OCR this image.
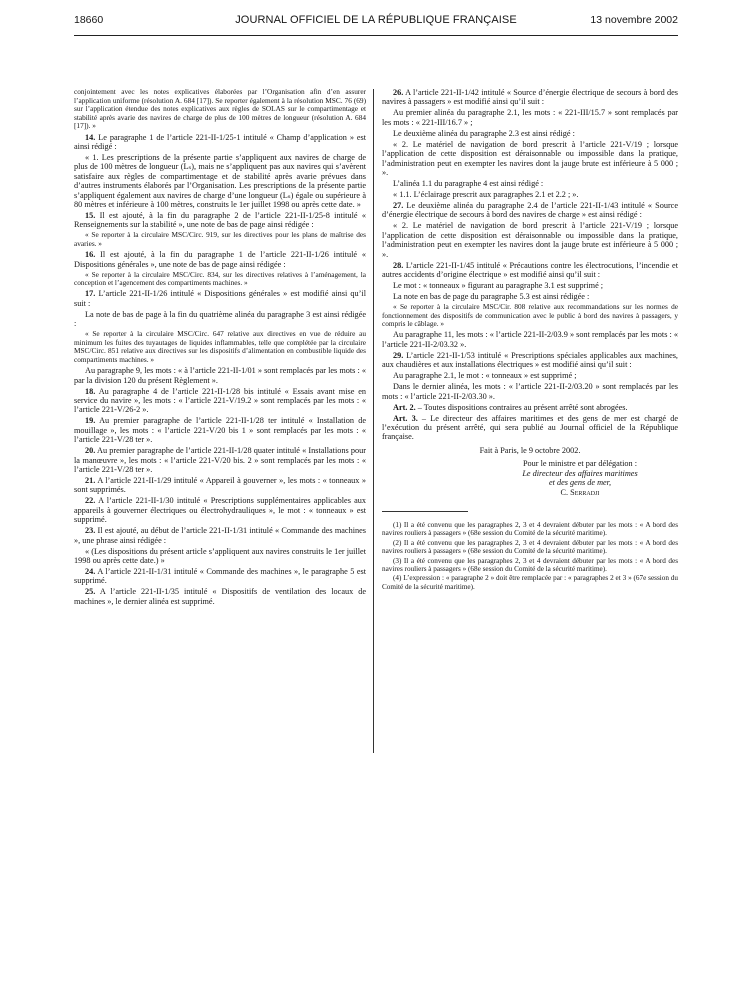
18660	JOURNAL OFFICIEL DE LA RÉPUBLIQUE FRANÇAISE	13 novembre 2002

conjointement avec les notes explicatives élaborées par l’Organisation afin d’en assurer l’application uniforme (résolution A. 684 [17]). Se reporter également à la résolution MSC. 76 (69) sur l’application étendue des notes explicatives aux règles de SOLAS sur le compartimentage et stabilité après avarie des navires de charge de plus de 100 mètres de longueur (résolution A. 684 [17]). »

14. Le paragraphe 1 de l’article 221-II-1/25-1 intitulé « Champ d’application » est ainsi rédigé :

« 1. Les prescriptions de la présente partie s’appliquent aux navires de charge de plus de 100 mètres de longueur (Lₛ), mais ne s’appliquent pas aux navires qui s’avèrent satisfaire aux règles de compartimentage et de stabilité après avarie prévues dans d’autres instruments élaborés par l’Organisation. Les prescriptions de la présente partie s’appliquent également aux navires de charge d’une longueur (Lₛ) égale ou supérieure à 80 mètres et inférieure à 100 mètres, construits le 1er juillet 1998 ou après cette date. »

15. Il est ajouté, à la fin du paragraphe 2 de l’article 221-II-1/25-8 intitulé « Renseignements sur la stabilité », une note de bas de page ainsi rédigée :

« Se reporter à la circulaire MSC/Circ. 919, sur les directives pour les plans de maîtrise des avaries. »

16. Il est ajouté, à la fin du paragraphe 1 de l’article 221-II-1/26 intitulé « Dispositions générales », une note de bas de page ainsi rédigée :

« Se reporter à la circulaire MSC/Circ. 834, sur les directives relatives à l’aménagement, la conception et l’agencement des compartiments machines. »

17. L’article 221-II-1/26 intitulé « Dispositions générales » est modifié ainsi qu’il suit :

La note de bas de page à la fin du quatrième alinéa du paragraphe 3 est ainsi rédigée :

« Se reporter à la circulaire MSC/Circ. 647 relative aux directives en vue de réduire au minimum les fuites des tuyautages de liquides inflammables, telle que complétée par la circulaire MSC/Circ. 851 relative aux directives sur les dispositifs d’alimentation en combustible liquide des compartiments machines. »

Au paragraphe 9, les mots : « à l’article 221-II-1/01 » sont remplacés par les mots : « par la division 120 du présent Règlement ».

18. Au paragraphe 4 de l’article 221-II-1/28 bis intitulé « Essais avant mise en service du navire », les mots : « l’article 221-V/19.2 » sont remplacés par les mots : « l’article 221-V/26-2 ».

19. Au premier paragraphe de l’article 221-II-1/28 ter intitulé « Installation de mouillage », les mots : « l’article 221-V/20 bis 1 » sont remplacés par les mots : « l’article 221-V/28 ter ».

20. Au premier paragraphe de l’article 221-II-1/28 quater intitulé « Installations pour la manœuvre », les mots : « l’article 221-V/20 bis. 2 » sont remplacés par les mots : « l’article 221-V/28 ter ».

21. A l’article 221-II-1/29 intitulé « Appareil à gouverner », les mots : « tonneaux » sont supprimés.

22. A l’article 221-II-1/30 intitulé « Prescriptions supplémentaires applicables aux appareils à gouverner électriques ou électrohydrauliques », le mot : « tonneaux » est supprimé.

23. Il est ajouté, au début de l’article 221-II-1/31 intitulé « Commande des machines », une phrase ainsi rédigée :

« (Les dispositions du présent article s’appliquent aux navires construits le 1er juillet 1998 ou après cette date.) »

24. A l’article 221-II-1/31 intitulé « Commande des machines », le paragraphe 5 est supprimé.

25. A l’article 221-II-1/35 intitulé « Dispositifs de ventilation des locaux de machines », le dernier alinéa est supprimé.

26. A l’article 221-II-1/42 intitulé « Source d’énergie électrique de secours à bord des navires à passagers » est modifié ainsi qu’il suit :

Au premier alinéa du paragraphe 2.1, les mots : « 221-III/15.7 » sont remplacés par les mots : « 221-III/16.7 » ;

Le deuxième alinéa du paragraphe 2.3 est ainsi rédigé :

« 2. Le matériel de navigation de bord prescrit à l’article 221-V/19 ; lorsque l’application de cette disposition est déraisonnable ou impossible dans la pratique, l’administration peut en exempter les navires dont la jauge brute est inférieure à 5 000 ; ».

L’alinéa 1.1 du paragraphe 4 est ainsi rédigé :

« 1.1. L’éclairage prescrit aux paragraphes 2.1 et 2.2 ; ».

27. Le deuxième alinéa du paragraphe 2.4 de l’article 221-II-1/43 intitulé « Source d’énergie électrique de secours à bord des navires de charge » est ainsi rédigé :

« 2. Le matériel de navigation de bord prescrit à l’article 221-V/19 ; lorsque l’application de cette disposition est déraisonnable ou impossible dans la pratique, l’administration peut en exempter les navires dont la jauge brute est inférieure à 5 000 ; ».

28. L’article 221-II-1/45 intitulé « Précautions contre les électrocutions, l’incendie et autres accidents d’origine électrique » est modifié ainsi qu’il suit :

Le mot : « tonneaux » figurant au paragraphe 3.1 est supprimé ;

La note en bas de page du paragraphe 5.3 est ainsi rédigée :

« Se reporter à la circulaire MSC/Cir. 808 relative aux recommandations sur les normes de fonctionnement des dispositifs de communication avec le public à bord des navires à passagers, y compris le câblage. »

Au paragraphe 11, les mots : « l’article 221-II-2/03.9 » sont remplacés par les mots : « l’article 221-II-2/03.32 ».

29. L’article 221-II-1/53 intitulé « Prescriptions spéciales applicables aux machines, aux chaudières et aux installations électriques » est modifié ainsi qu’il suit :

Au paragraphe 2.1, le mot : « tonneaux » est supprimé ;

Dans le dernier alinéa, les mots : « l’article 221-II-2/03.20 » sont remplacés par les mots : « l’article 221-II-2/03.30 ».

Art. 2. – Toutes dispositions contraires au présent arrêté sont abrogées.

Art. 3. – Le directeur des affaires maritimes et des gens de mer est chargé de l’exécution du présent arrêté, qui sera publié au Journal officiel de la République française.

Fait à Paris, le 9 octobre 2002.

Pour le ministre et par délégation :

Le directeur des affaires maritimes

et des gens de mer,

C. Serradji

(1) Il a été convenu que les paragraphes 2, 3 et 4 devraient débuter par les mots : « A bord des navires rouliers à passagers » (68e session du Comité de la sécurité maritime).

(2) Il a été convenu que les paragraphes 2, 3 et 4 devraient débuter par les mots : « A bord des navires rouliers à passagers » (68e session du Comité de la sécurité maritime).

(3) Il a été convenu que les paragraphes 2, 3 et 4 devraient débuter par les mots : « A bord des navires rouliers à passagers » (68e session du Comité de la sécurité maritime).

(4) L’expression : « paragraphe 2 » doit être remplacée par : « paragraphes 2 et 3 » (67e session du Comité de la sécurité maritime).
